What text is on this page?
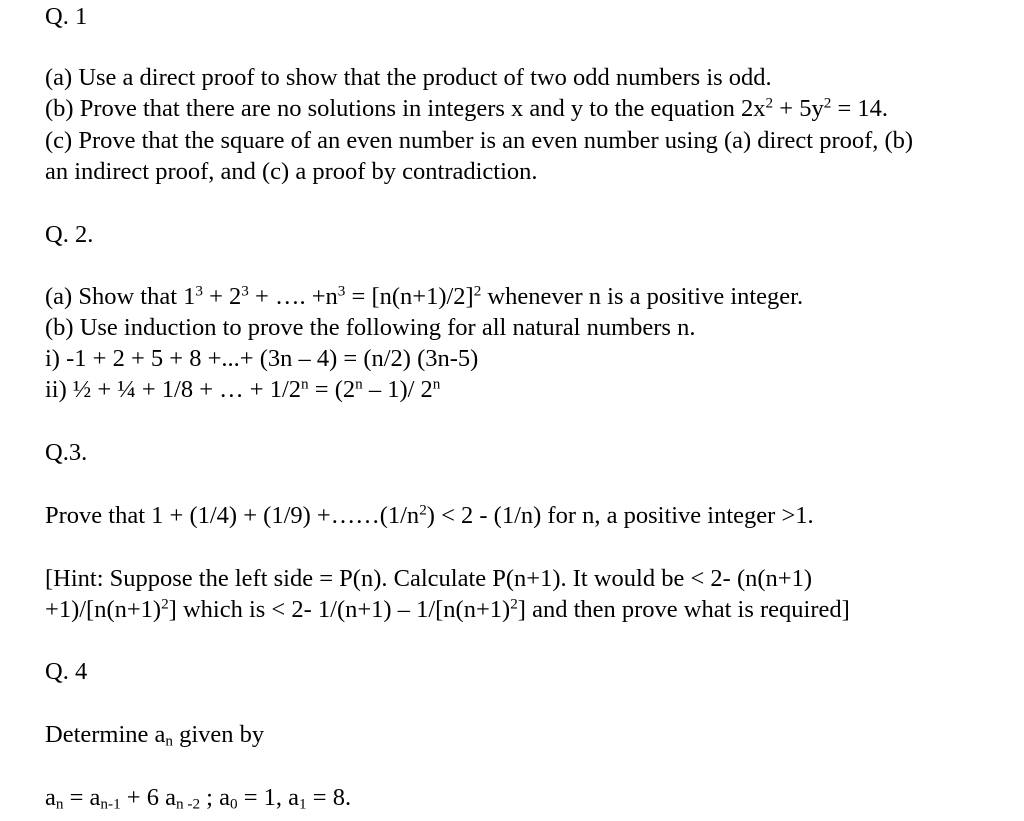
Q. 1
(a) Use a direct proof to show that the product of two odd numbers is odd.
(b) Prove that there are no solutions in integers x and y to the equation $2x^2 + 5y^2 = 14$.
(c) Prove that the square of an even number is an even number using (a) direct proof, (b)
an indirect proof, and (c) a proof by contradiction.
Q. 2.
(a) Show that $1^3 + 2^3$ + …. $+n^3 = [n(n+1)/2]^2$ whenever n is a positive integer.
(b) Use induction to prove the following for all natural numbers n.
i) -1 + 2 + 5 + 8 +...+ (3n – 4) = (n/2) (3n-5)
ii) ½ + ¼ + 1/8 + … + $1/2^n = (2^n - 1)/$ 2$^n$
Q.3.
Prove that $1 + (1/4) + (1/9) +\dots\dots(1/n^2) < 2 - (1/n)$ for n, a positive integer >1.
[Hint: Suppose the left side = P(n). Calculate P(n+1). It would be < 2- (n(n+1)
$+1)/[n(n+1)^2]$ which is < 2- $1/(n+1) - 1/[n(n+1)^2]$ and then prove what is required]
Q. 4
Determine $a_n$ given by
$a_n = a_{n-1} + 6$ $a_{n -2}$ ; $a_0 = 1$, $a_1 = 8$.
